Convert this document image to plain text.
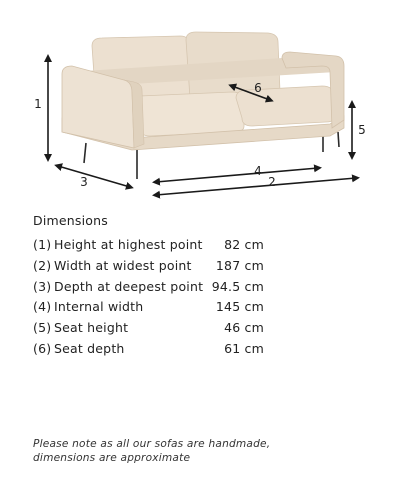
1
2
3
4
5
6
Dimensions
(1) Height at highest point 82 cm
(2) Width at widest point 187 cm
(3) Depth at deepest point 94.5 cm
(4) Internal width	145 cm
(5) Seat height	46 cm
(6) Seat depth	61 cm
Please note as all our sofas are handmade,
dimensions are approximate
